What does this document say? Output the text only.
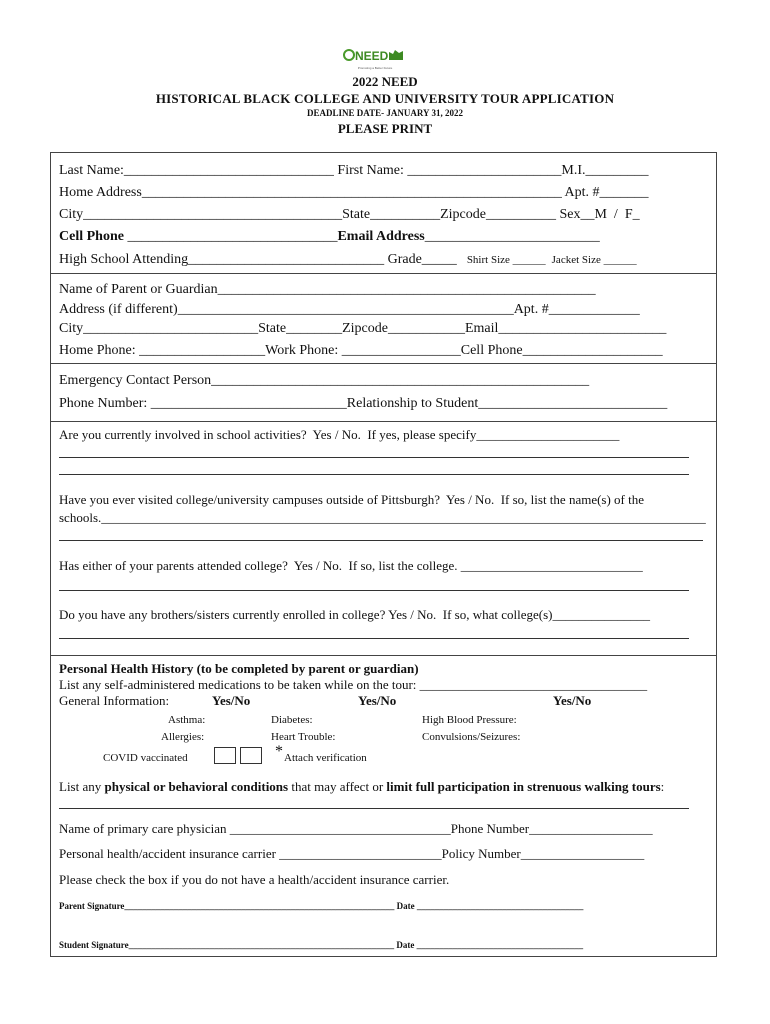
NEED
Promoting a Better Future
2022 NEED
HISTORICAL BLACK COLLEGE AND UNIVERSITY TOUR APPLICATION
DEADLINE DATE- JANUARY 31, 2022
PLEASE PRINT
Last Name:______________________________ First Name: ______________________M.I._________
Home Address____________________________________________________________ Apt. #_______
City_____________________________________State__________Zipcode__________ Sex__M  /  F_
Cell Phone ______________________________Email Address_________________________
High School Attending____________________________ Grade_____ Shirt Size ______ Jacket Size ______
Name of Parent or Guardian______________________________________________________
Address (if different)________________________________________________Apt. #_____________
City_________________________State________Zipcode___________Email________________________
Home Phone: __________________Work Phone: _________________Cell Phone____________________
Emergency Contact Person______________________________________________________
Phone Number: ____________________________Relationship to Student___________________________
Are you currently involved in school activities?  Yes / No.  If yes, please specify______________________
Have you ever visited college/university campuses outside of Pittsburgh?  Yes / No.  If so, list the name(s) of the
schools._____________________________________________________________________________________________
Has either of your parents attended college?  Yes / No.  If so, list the college. ____________________________
Do you have any brothers/sisters currently enrolled in college? Yes / No.  If so, what college(s)_______________
Personal Health History (to be completed by parent or guardian)
List any self-administered medications to be taken while on the tour: ___________________________________
General Information:	Yes/No	Yes/No	Yes/No
Asthma:	Diabetes:	High Blood Pressure:
Allergies:	Heart Trouble:	Convulsions/Seizures:
COVID vaccinated	* Attach verification
List any physical or behavioral conditions that may affect or limit full participation in strenuous walking tours:
Name of primary care physician __________________________________Phone Number___________________
Personal health/accident insurance carrier _________________________Policy Number___________________
Please check the box if you do not have a health/accident insurance carrier.
Parent Signature____________________________________________________________ Date _____________________________________
Student Signature___________________________________________________________ Date _____________________________________
